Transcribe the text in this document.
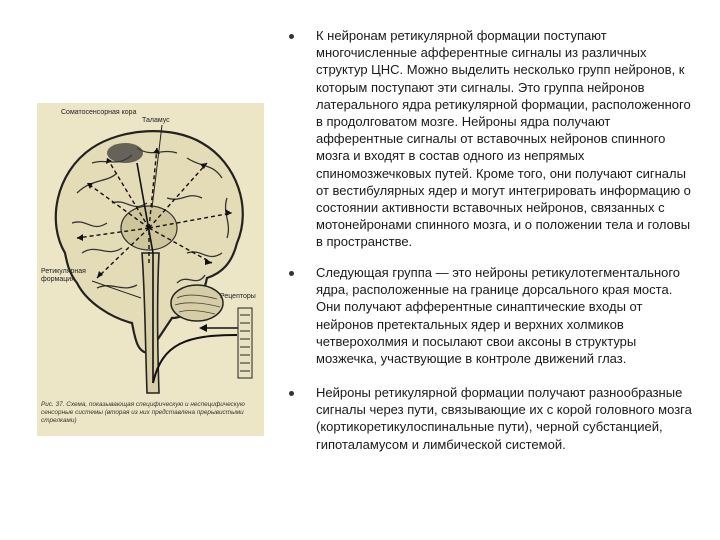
Соматосенсорная кора
Таламус
Ретикулярная формация
Рецепторы
Рис. 37. Схема, показывающая специфическую и неспецифическую сенсорные системы (вторая из них представлена прерывистыми стрелками)

К нейронам ретикулярной формации поступают многочисленные афферентные сигналы из различных структур ЦНС. Можно выделить несколько групп нейронов, к которым поступают эти сигналы. Это группа нейронов латерального ядра ретикулярной формации, расположенного в продолговатом мозге. Нейроны ядра получают афферентные сигналы от вставочных нейронов спинного мозга и входят в состав одного из непрямых спиномозжечковых путей. Кроме того, они получают сигналы от вестибулярных ядер и могут интегрировать информацию о состоянии активности вставочных нейронов, связанных с мотонейронами спинного мозга, и о положении тела и головы в пространстве.

Следующая группа — это нейроны ретикулотегментального ядра, расположенные на границе дорсального края моста. Они получают афферентные синаптические входы от нейронов претектальных ядер и верхних холмиков четверохолмия и посылают свои аксоны в структуры мозжечка, участвующие в контроле движений глаз.

Нейроны ретикулярной формации получают разнообразные сигналы через пути, связывающие их с корой головного мозга (кортикоретикулоспинальные пути), черной субстанцией, гипоталамусом и лимбической системой.
